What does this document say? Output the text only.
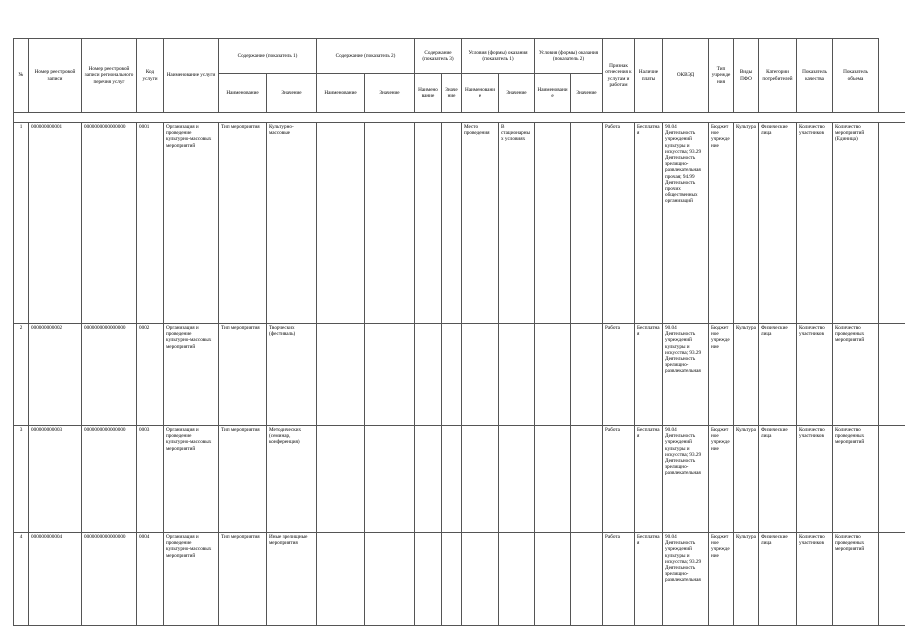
№	Номер реестровой записи	Номер реестровой записи регионального перечня услуг	Код услуги	Наименование услуги	Содержание (показатель 1)		Содержание (показатель 2)		Содержание (показатель 3)		Условия (формы) оказания (показатель 1)		Условия (формы) оказания (показатель 2)		Признак отнесения к услугам и работам	Наличие платы	ОКВЭД	Тип учреждения	Виды ПФО	Категории потребителей	Показатель качества	Показатель объема	
					Наименование	Значение	Наименование	Значение	Наименование	Значение	Наименование	Значение	Наименование	Значение									

1	000000000001	0000000000000000	0001	Организация и проведение культурно-массовых мероприятий	Тип мероприятия	Культурно-массовые					Место проведения	В стационарных условиях			Работа	Бесплатная	90.04 Деятельность учреждений культуры и искусства; 93.29 Деятельность зрелищно-развлекательная прочая; 94.99 Деятельность прочих общественных организаций	Бюджетное учреждение	Культура	Физические лица	Количество участников	Количество мероприятий (Единица)	
2	000000000002	0000000000000000	0002	Организация и проведение культурно-массовых мероприятий	Тип мероприятия	Творческих (фестиваль)									Работа	Бесплатная	90.04 Деятельность учреждений культуры и искусства; 93.29 Деятельность зрелищно-развлекательная	Бюджетное учреждение	Культура	Физические лица	Количество участников	Количество проведенных мероприятий	
3	000000000003	0000000000000000	0003	Организация и проведение культурно-массовых мероприятий	Тип мероприятия	Методических (семинар, конференция)									Работа	Бесплатная	90.04 Деятельность учреждений культуры и искусства; 93.29 Деятельность зрелищно-развлекательная	Бюджетное учреждение	Культура	Физические лица	Количество участников	Количество проведенных мероприятий	
4	000000000004	0000000000000000	0004	Организация и проведение культурно-массовых мероприятий	Тип мероприятия	Иные зрелищные мероприятия									Работа	Бесплатная	90.04 Деятельность учреждений культуры и искусства; 93.29 Деятельность зрелищно-развлекательная	Бюджетное учреждение	Культура	Физические лица	Количество участников	Количество проведенных мероприятий	
